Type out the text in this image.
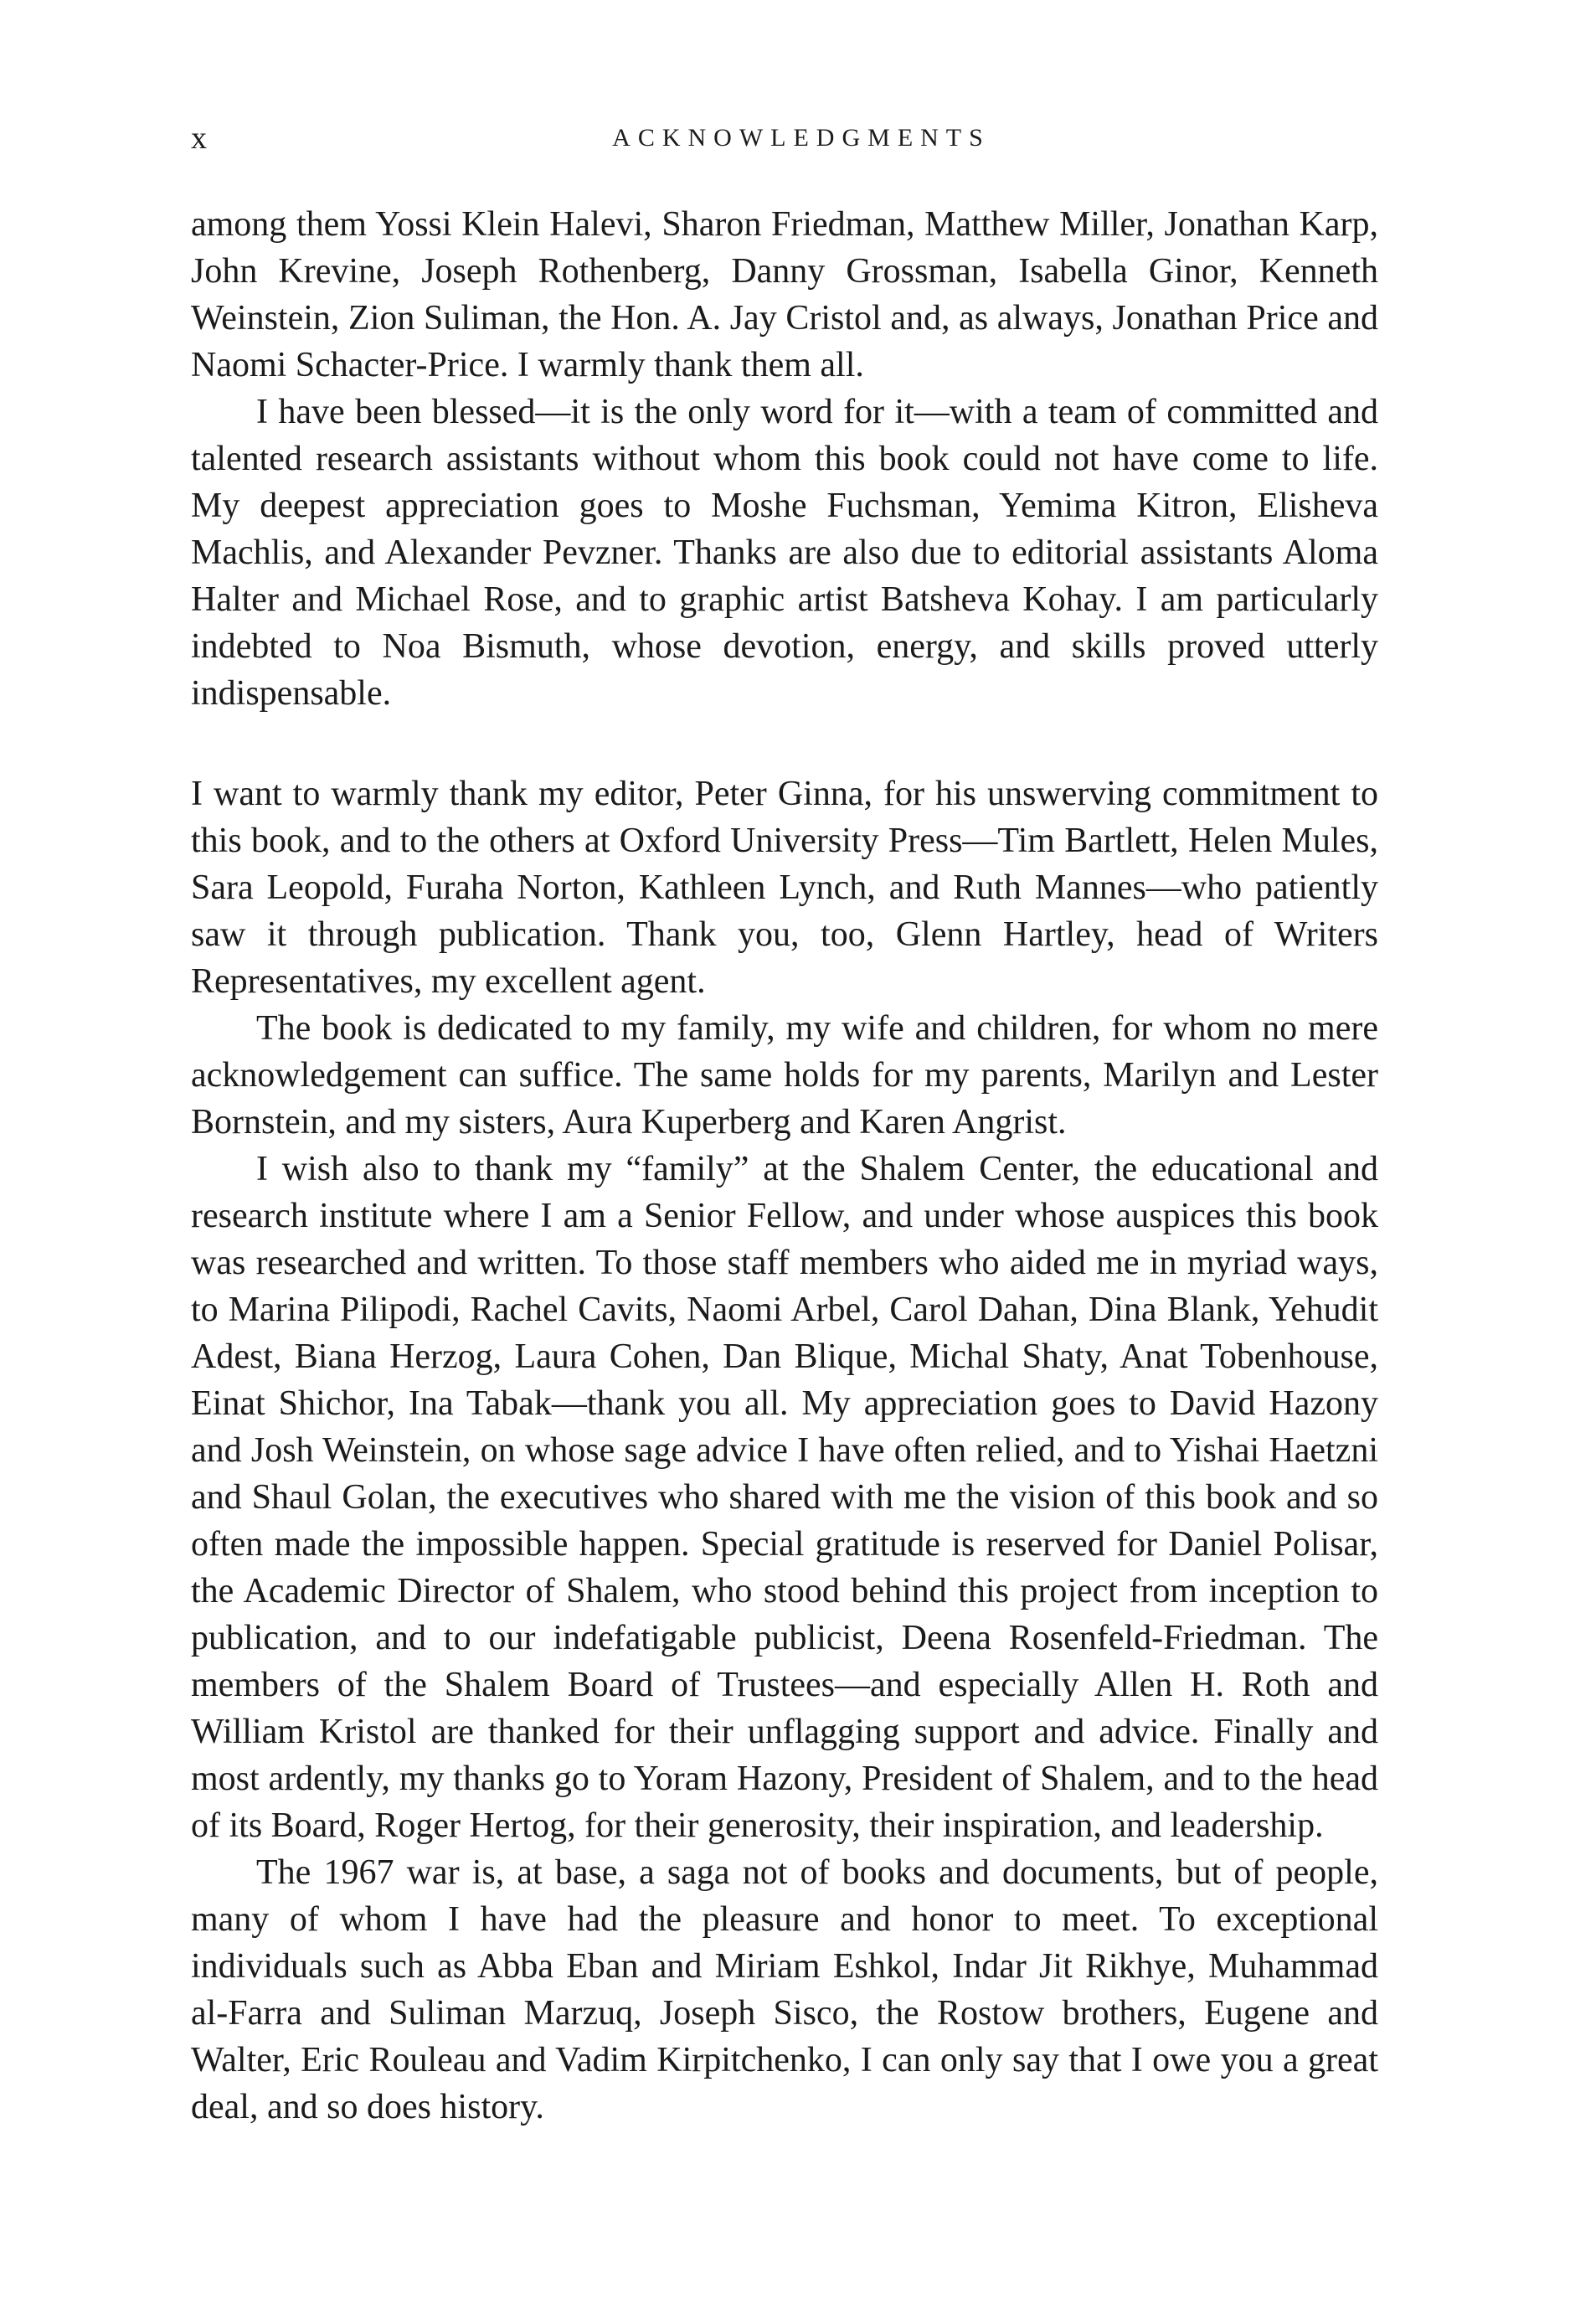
x	ACKNOWLEDGMENTS

among them Yossi Klein Halevi, Sharon Friedman, Matthew Miller, Jonathan Karp, John Krevine, Joseph Rothenberg, Danny Grossman, Isabella Ginor, Kenneth Weinstein, Zion Suliman, the Hon. A. Jay Cristol and, as always, Jonathan Price and Naomi Schacter-Price. I warmly thank them all.

I have been blessed—it is the only word for it—with a team of committed and talented research assistants without whom this book could not have come to life. My deepest appreciation goes to Moshe Fuchsman, Yemima Kitron, Elisheva Machlis, and Alexander Pevzner. Thanks are also due to editorial assistants Aloma Halter and Michael Rose, and to graphic artist Batsheva Kohay. I am particularly indebted to Noa Bismuth, whose devotion, energy, and skills proved utterly indispensable.

I want to warmly thank my editor, Peter Ginna, for his unswerving commitment to this book, and to the others at Oxford University Press—Tim Bartlett, Helen Mules, Sara Leopold, Furaha Norton, Kathleen Lynch, and Ruth Mannes—who patiently saw it through publication. Thank you, too, Glenn Hartley, head of Writers Representatives, my excellent agent.

The book is dedicated to my family, my wife and children, for whom no mere acknowledgement can suffice. The same holds for my parents, Marilyn and Lester Bornstein, and my sisters, Aura Kuperberg and Karen Angrist.

I wish also to thank my “family” at the Shalem Center, the educational and research institute where I am a Senior Fellow, and under whose auspices this book was researched and written. To those staff members who aided me in myriad ways, to Marina Pilipodi, Rachel Cavits, Naomi Arbel, Carol Dahan, Dina Blank, Yehudit Adest, Biana Herzog, Laura Cohen, Dan Blique, Michal Shaty, Anat Tobenhouse, Einat Shichor, Ina Tabak—thank you all. My appreciation goes to David Hazony and Josh Weinstein, on whose sage advice I have often relied, and to Yishai Haetzni and Shaul Golan, the executives who shared with me the vision of this book and so often made the impossible happen. Special gratitude is reserved for Daniel Polisar, the Academic Director of Shalem, who stood behind this project from inception to publication, and to our indefatigable publicist, Deena Rosenfeld-Friedman. The members of the Shalem Board of Trustees—and especially Allen H. Roth and William Kristol are thanked for their unflagging support and advice. Finally and most ardently, my thanks go to Yoram Hazony, President of Shalem, and to the head of its Board, Roger Hertog, for their generosity, their inspiration, and leadership.

The 1967 war is, at base, a saga not of books and documents, but of people, many of whom I have had the pleasure and honor to meet. To exceptional individuals such as Abba Eban and Miriam Eshkol, Indar Jit Rikhye, Muhammad al-Farra and Suliman Marzuq, Joseph Sisco, the Rostow brothers, Eugene and Walter, Eric Rouleau and Vadim Kirpitchenko, I can only say that I owe you a great deal, and so does history.
